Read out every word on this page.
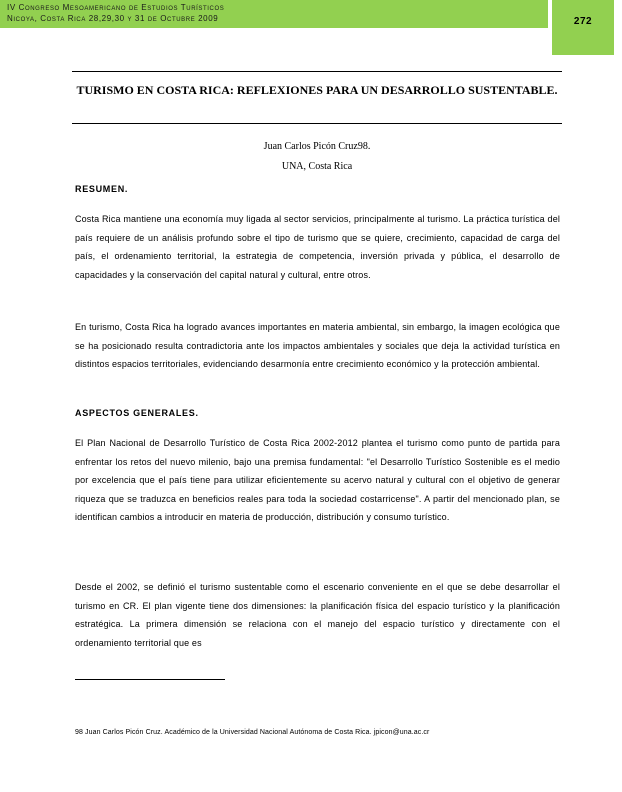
IV Congreso Mesoamericano de Estudios Turísticos
Nicoya, Costa Rica 28,29,30 y 31 de Octubre 2009	272
TURISMO EN COSTA RICA: REFLEXIONES PARA UN DESARROLLO SUSTENTABLE.
Juan Carlos Picón Cruz98.
UNA, Costa Rica
RESUMEN.
Costa Rica mantiene una economía muy ligada al sector servicios, principalmente al turismo. La práctica turística del país requiere de un análisis profundo sobre el tipo de turismo que se quiere, crecimiento, capacidad de carga del país, el ordenamiento territorial, la estrategia de competencia, inversión privada y pública, el desarrollo de capacidades y la conservación del capital natural y cultural, entre otros.
En turismo, Costa Rica ha logrado avances importantes en materia ambiental, sin embargo, la imagen ecológica que se ha posicionado resulta contradictoria ante los impactos ambientales y sociales que deja la actividad turística en distintos espacios territoriales, evidenciando desarmonía entre crecimiento económico y la protección ambiental.
ASPECTOS GENERALES.
El Plan Nacional de Desarrollo Turístico de Costa Rica 2002-2012 plantea el turismo como punto de partida para enfrentar los retos del nuevo milenio, bajo una premisa fundamental: "el Desarrollo Turístico Sostenible es el medio por excelencia que el país tiene para utilizar eficientemente su acervo natural y cultural con el objetivo de generar riqueza que se traduzca en beneficios reales para toda la sociedad costarricense". A partir del mencionado plan, se identifican cambios a introducir en materia de producción, distribución y consumo turístico.
Desde el 2002, se definió el turismo sustentable como el escenario conveniente en el que se debe desarrollar el turismo en CR. El plan vigente tiene dos dimensiones: la planificación física del espacio turístico y la planificación estratégica. La primera dimensión se relaciona con el manejo del espacio turístico y directamente con el ordenamiento territorial que es
98 Juan Carlos Picón Cruz. Académico de la Universidad Nacional Autónoma de Costa Rica. jpicon@una.ac.cr
